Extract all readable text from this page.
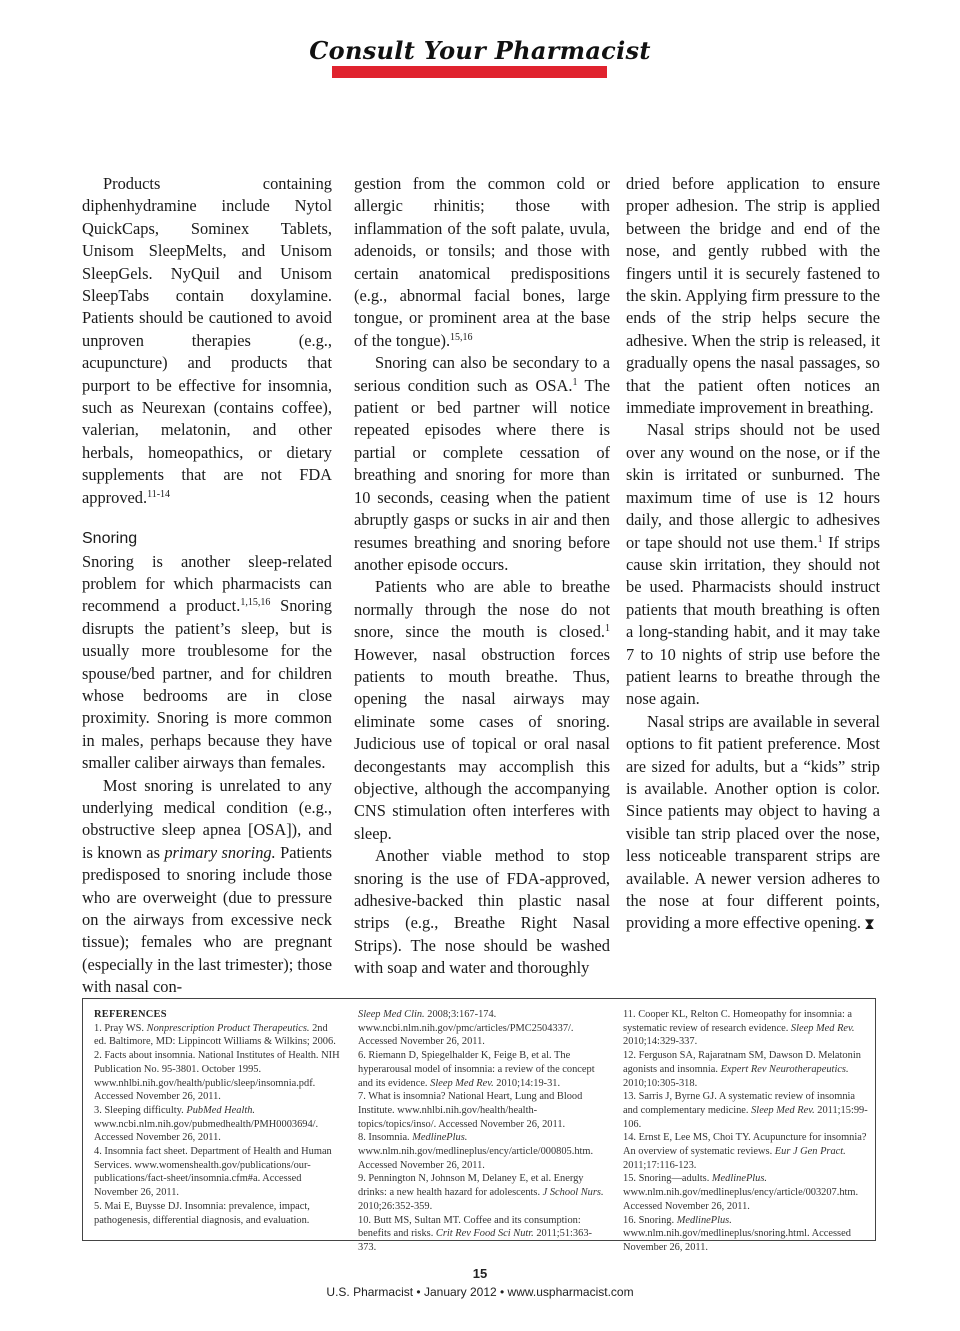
Consult Your Pharmacist

Products containing diphenhydramine include Nytol QuickCaps, Sominex Tablets, Unisom SleepMelts, and Unisom SleepGels. NyQuil and Unisom SleepTabs contain doxylamine. Patients should be cautioned to avoid unproven therapies (e.g., acupuncture) and products that purport to be effective for insomnia, such as Neurexan (contains coffee), valerian, melatonin, and other herbals, homeopathics, or dietary supplements that are not FDA approved.$^{11-14}$

Snoring

Snoring is another sleep-related problem for which pharmacists can recommend a product.$^{1,15,16}$ Snoring disrupts the patient’s sleep, but is usually more troublesome for the spouse/bed partner, and for children whose bedrooms are in close proximity. Snoring is more common in males, perhaps because they have smaller caliber airways than females.

Most snoring is unrelated to any underlying medical condition (e.g., obstructive sleep apnea [OSA]), and is known as primary snoring. Patients predisposed to snoring include those who are overweight (due to pressure on the airways from excessive neck tissue); females who are pregnant (especially in the last trimester); those with nasal con-

gestion from the common cold or allergic rhinitis; those with inflammation of the soft palate, uvula, adenoids, or tonsils; and those with certain anatomical predispositions (e.g., abnormal facial bones, large tongue, or prominent area at the base of the tongue).$^{15,16}$

Snoring can also be secondary to a serious condition such as OSA.$^1$ The patient or bed partner will notice repeated episodes where there is partial or complete cessation of breathing and snoring for more than 10 seconds, ceasing when the patient abruptly gasps or sucks in air and then resumes breathing and snoring before another episode occurs.

Patients who are able to breathe normally through the nose do not snore, since the mouth is closed.$^1$ However, nasal obstruction forces patients to mouth breathe. Thus, opening the nasal airways may eliminate some cases of snoring. Judicious use of topical or oral nasal decongestants may accomplish this objective, although the accompanying CNS stimulation often interferes with sleep.

Another viable method to stop snoring is the use of FDA-approved, adhesive-backed thin plastic nasal strips (e.g., Breathe Right Nasal Strips). The nose should be washed with soap and water and thoroughly

dried before application to ensure proper adhesion. The strip is applied between the bridge and end of the nose, and gently rubbed with the fingers until it is securely fastened to the skin. Applying firm pressure to the ends of the strip helps secure the adhesive. When the strip is released, it gradually opens the nasal passages, so that the patient often notices an immediate improvement in breathing.

Nasal strips should not be used over any wound on the nose, or if the skin is irritated or sunburned. The maximum time of use is 12 hours daily, and those allergic to adhesives or tape should not use them.$^1$ If strips cause skin irritation, they should not be used. Pharmacists should instruct patients that mouth breathing is often a long-standing habit, and it may take 7 to 10 nights of strip use before the patient learns to breathe through the nose again.

Nasal strips are available in several options to fit patient preference. Most are sized for adults, but a “kids” strip is available. Another option is color. Since patients may object to having a visible tan strip placed over the nose, less noticeable transparent strips are available. A newer version adheres to the nose at four different points, providing a more effective opening.

REFERENCES

1. Pray WS. Nonprescription Product Therapeutics. 2nd ed. Baltimore, MD: Lippincott Williams & Wilkins; 2006.

2. Facts about insomnia. National Institutes of Health. NIH Publication No. 95-3801. October 1995. www.nhlbi.nih.gov/health/public/sleep/insomnia.pdf. Accessed November 26, 2011.

3. Sleeping difficulty. PubMed Health. www.ncbi.nlm.nih.gov/pubmedhealth/PMH0003694/. Accessed November 26, 2011.

4. Insomnia fact sheet. Department of Health and Human Services. www.womenshealth.gov/publications/our-publications/fact-sheet/insomnia.cfm#a. Accessed November 26, 2011.

5. Mai E, Buysse DJ. Insomnia: prevalence, impact, pathogenesis, differential diagnosis, and evaluation.

Sleep Med Clin. 2008;3:167-174. www.ncbi.nlm.nih.gov/pmc/articles/PMC2504337/. Accessed November 26, 2011.

6. Riemann D, Spiegelhalder K, Feige B, et al. The hyperarousal model of insomnia: a review of the concept and its evidence. Sleep Med Rev. 2010;14:19-31.

7. What is insomnia? National Heart, Lung and Blood Institute. www.nhlbi.nih.gov/health/health-topics/topics/inso/. Accessed November 26, 2011.

8. Insomnia. MedlinePlus. www.nlm.nih.gov/medlineplus/ency/article/000805.htm. Accessed November 26, 2011.

9. Pennington N, Johnson M, Delaney E, et al. Energy drinks: a new health hazard for adolescents. J School Nurs. 2010;26:352-359.

10. Butt MS, Sultan MT. Coffee and its consumption: benefits and risks. Crit Rev Food Sci Nutr. 2011;51:363-373.

11. Cooper KL, Relton C. Homeopathy for insomnia: a systematic review of research evidence. Sleep Med Rev. 2010;14:329-337.

12. Ferguson SA, Rajaratnam SM, Dawson D. Melatonin agonists and insomnia. Expert Rev Neurotherapeutics. 2010;10:305-318.

13. Sarris J, Byrne GJ. A systematic review of insomnia and complementary medicine. Sleep Med Rev. 2011;15:99-106.

14. Ernst E, Lee MS, Choi TY. Acupuncture for insomnia? An overview of systematic reviews. Eur J Gen Pract. 2011;17:116-123.

15. Snoring—adults. MedlinePlus. www.nlm.nih.gov/medlineplus/ency/article/003207.htm. Accessed November 26, 2011.

16. Snoring. MedlinePlus. www.nlm.nih.gov/medlineplus/snoring.html. Accessed November 26, 2011.

15
U.S. Pharmacist • January 2012 • www.uspharmacist.com
